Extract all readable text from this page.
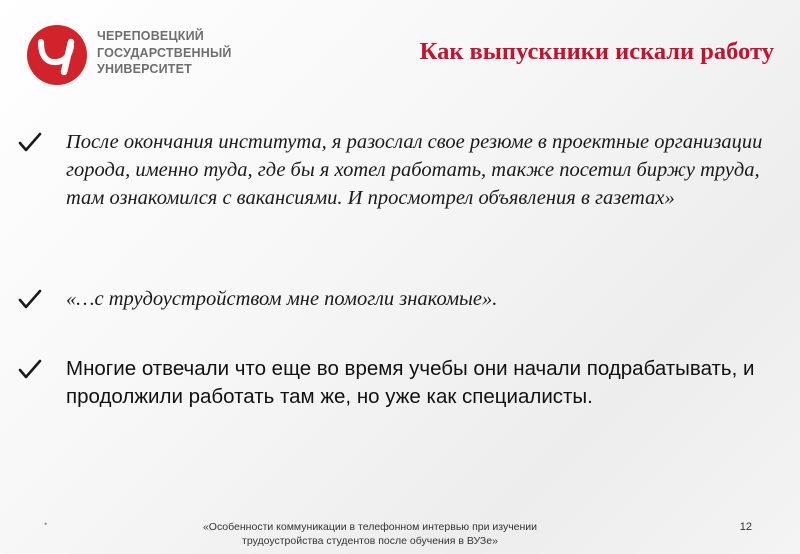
ЧЕРЕПОВЕЦКИЙ
ГОСУДАРСТВЕННЫЙ
УНИВЕРСИТЕТ
Как выпускники искали работу
После окончания института, я разослал свое резюме в проектные организации города, именно туда, где бы я хотел работать, также посетил биржу труда, там ознакомился с вакансиями. И просмотрел объявления в газетах»
«…с трудоустройством мне помогли знакомые».
Многие отвечали что еще во время учебы они начали подрабатывать, и продолжили работать там же, но уже как специалисты.
•	«Особенности коммуникации в телефонном интервью при изучении
трудоустройства студентов после обучения в ВУЗе»
12
